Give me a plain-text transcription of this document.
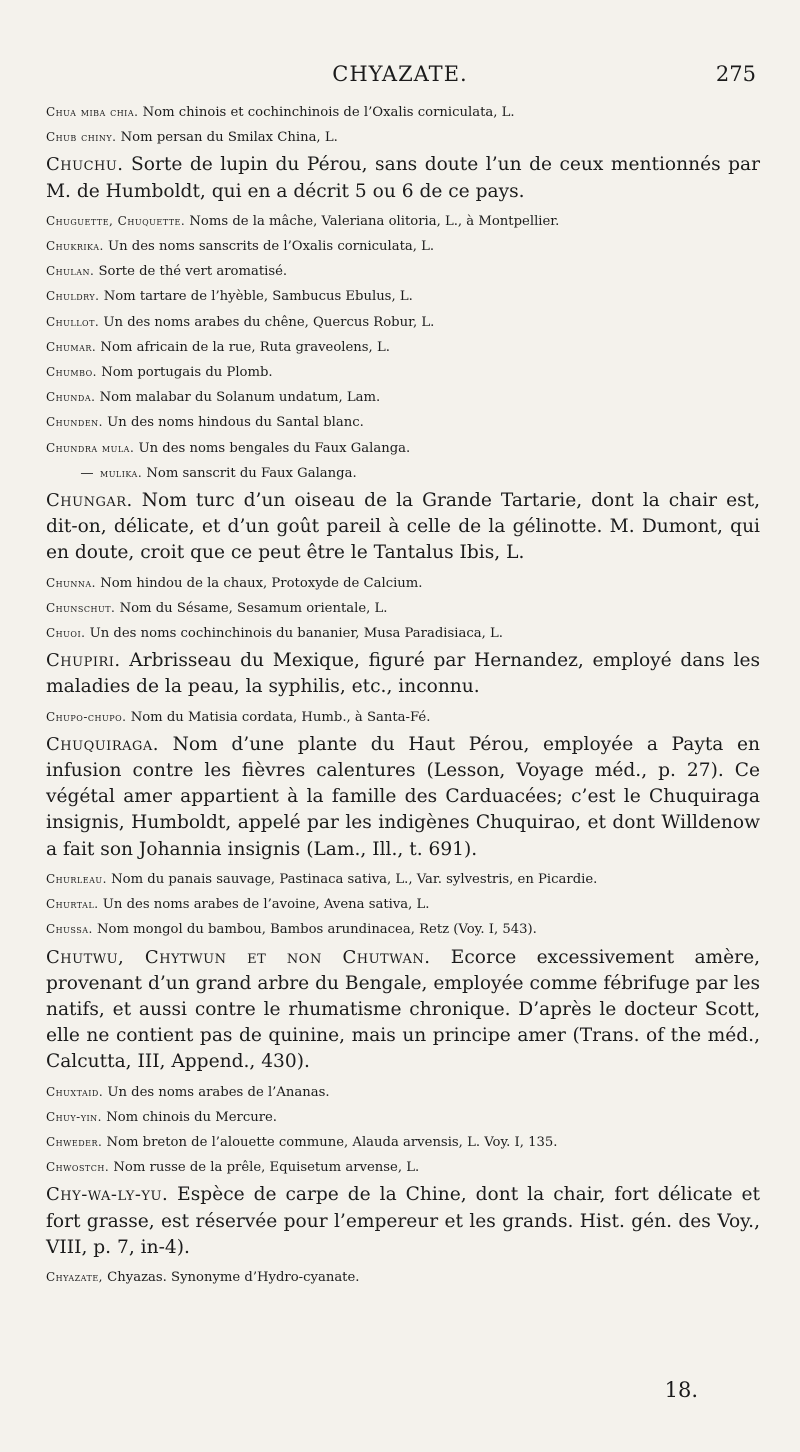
CHYAZATE.	275

Chua miba chia. Nom chinois et cochinchinois de l’Oxalis corniculata, L.

Chub chiny. Nom persan du Smilax China, L.

Chuchu. Sorte de lupin du Pérou, sans doute l’un de ceux mentionnés par M. de Humboldt, qui en a décrit 5 ou 6 de ce pays.

Chuguette, Chuquette. Noms de la mâche, Valeriana olitoria, L., à Montpellier.

Chukrika. Un des noms sanscrits de l’Oxalis corniculata, L.

Chulan. Sorte de thé vert aromatisé.

Chuldry. Nom tartare de l’hyèble, Sambucus Ebulus, L.

Chullot. Un des noms arabes du chêne, Quercus Robur, L.

Chumar. Nom africain de la rue, Ruta graveolens, L.

Chumbo. Nom portugais du Plomb.

Chunda. Nom malabar du Solanum undatum, Lam.

Chunden. Un des noms hindous du Santal blanc.

Chundra mula. Un des noms bengales du Faux Galanga.

— mulika. Nom sanscrit du Faux Galanga.

Chungar. Nom turc d’un oiseau de la Grande Tartarie, dont la chair est, dit-on, délicate, et d’un goût pareil à celle de la gélinotte. M. Dumont, qui en doute, croit que ce peut être le Tantalus Ibis, L.

Chunna. Nom hindou de la chaux, Protoxyde de Calcium.

Chunschut. Nom du Sésame, Sesamum orientale, L.

Chuoi. Un des noms cochinchinois du bananier, Musa Paradisiaca, L.

Chupiri. Arbrisseau du Mexique, figuré par Hernandez, employé dans les maladies de la peau, la syphilis, etc., inconnu.

Chupo-chupo. Nom du Matisia cordata, Humb., à Santa-Fé.

Chuquiraga. Nom d’une plante du Haut Pérou, employée a Payta en infusion contre les fièvres calentures (Lesson, Voyage méd., p. 27). Ce végétal amer appartient à la famille des Carduacées; c’est le Chuquiraga insignis, Humboldt, appelé par les indigènes Chuquirao, et dont Willdenow a fait son Johannia insignis (Lam., Ill., t. 691).

Churleau. Nom du panais sauvage, Pastinaca sativa, L., Var. sylvestris, en Picardie.

Churtal. Un des noms arabes de l’avoine, Avena sativa, L.

Chussa. Nom mongol du bambou, Bambos arundinacea, Retz (Voy. I, 543).

Chutwu, Chytwun et non Chutwan. Ecorce excessivement amère, provenant d’un grand arbre du Bengale, employée comme fébrifuge par les natifs, et aussi contre le rhumatisme chronique. D’après le docteur Scott, elle ne contient pas de quinine, mais un principe amer (Trans. of the méd., Calcutta, III, Append., 430).

Chuxtaid. Un des noms arabes de l’Ananas.

Chuy-yin. Nom chinois du Mercure.

Chweder. Nom breton de l’alouette commune, Alauda arvensis, L. Voy. I, 135.

Chwostch. Nom russe de la prêle, Equisetum arvense, L.

Chy-wa-ly-yu. Espèce de carpe de la Chine, dont la chair, fort délicate et fort grasse, est réservée pour l’empereur et les grands. Hist. gén. des Voy., VIII, p. 7, in-4).

Chyazate, Chyazas. Synonyme d’Hydro-cyanate.

18.
